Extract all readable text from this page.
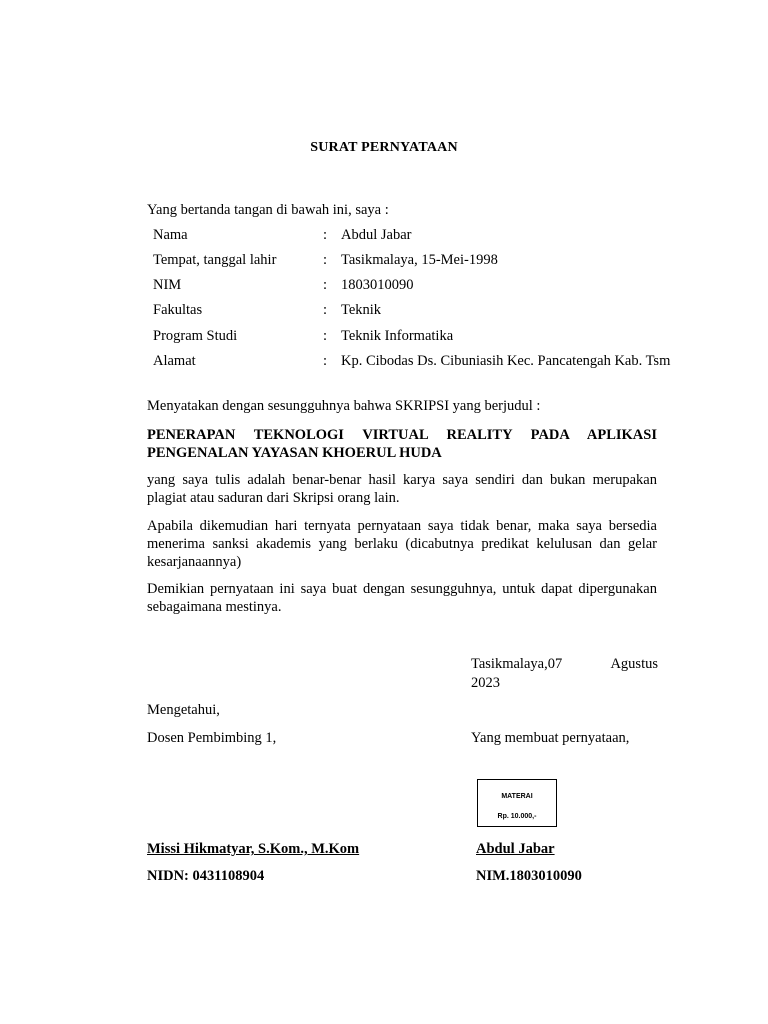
SURAT PERNYATAAN
Yang bertanda tangan di bawah ini, saya :
Nama	: Abdul Jabar
Tempat, tanggal lahir	: Tasikmalaya, 15-Mei-1998
NIM	: 1803010090
Fakultas	: Teknik
Program Studi	: Teknik Informatika
Alamat	: Kp. Cibodas Ds. Cibuniasih Kec. Pancatengah Kab. Tsm
Menyatakan dengan sesungguhnya bahwa SKRIPSI yang berjudul :
PENERAPAN TEKNOLOGI VIRTUAL REALITY PADA APLIKASI
PENGENALAN YAYASAN KHOERUL HUDA
yang saya tulis adalah benar-benar hasil karya saya sendiri dan bukan merupakan plagiat atau saduran dari Skripsi orang lain.
Apabila dikemudian hari ternyata pernyataan saya tidak benar, maka saya bersedia menerima sanksi akademis yang berlaku (dicabutnya predikat kelulusan dan gelar kesarjanaannya)
Demikian pernyataan ini saya buat dengan sesungguhnya, untuk dapat dipergunakan sebagaimana mestinya.
Tasikmalaya,07	Agustus
2023
Mengetahui,
Dosen Pembimbing 1,	Yang membuat pernyataan,
MATERAI
Rp. 10.000,-
Missi Hikmatyar, S.Kom., M.Kom	Abdul Jabar
NIDN: 0431108904	NIM.1803010090
